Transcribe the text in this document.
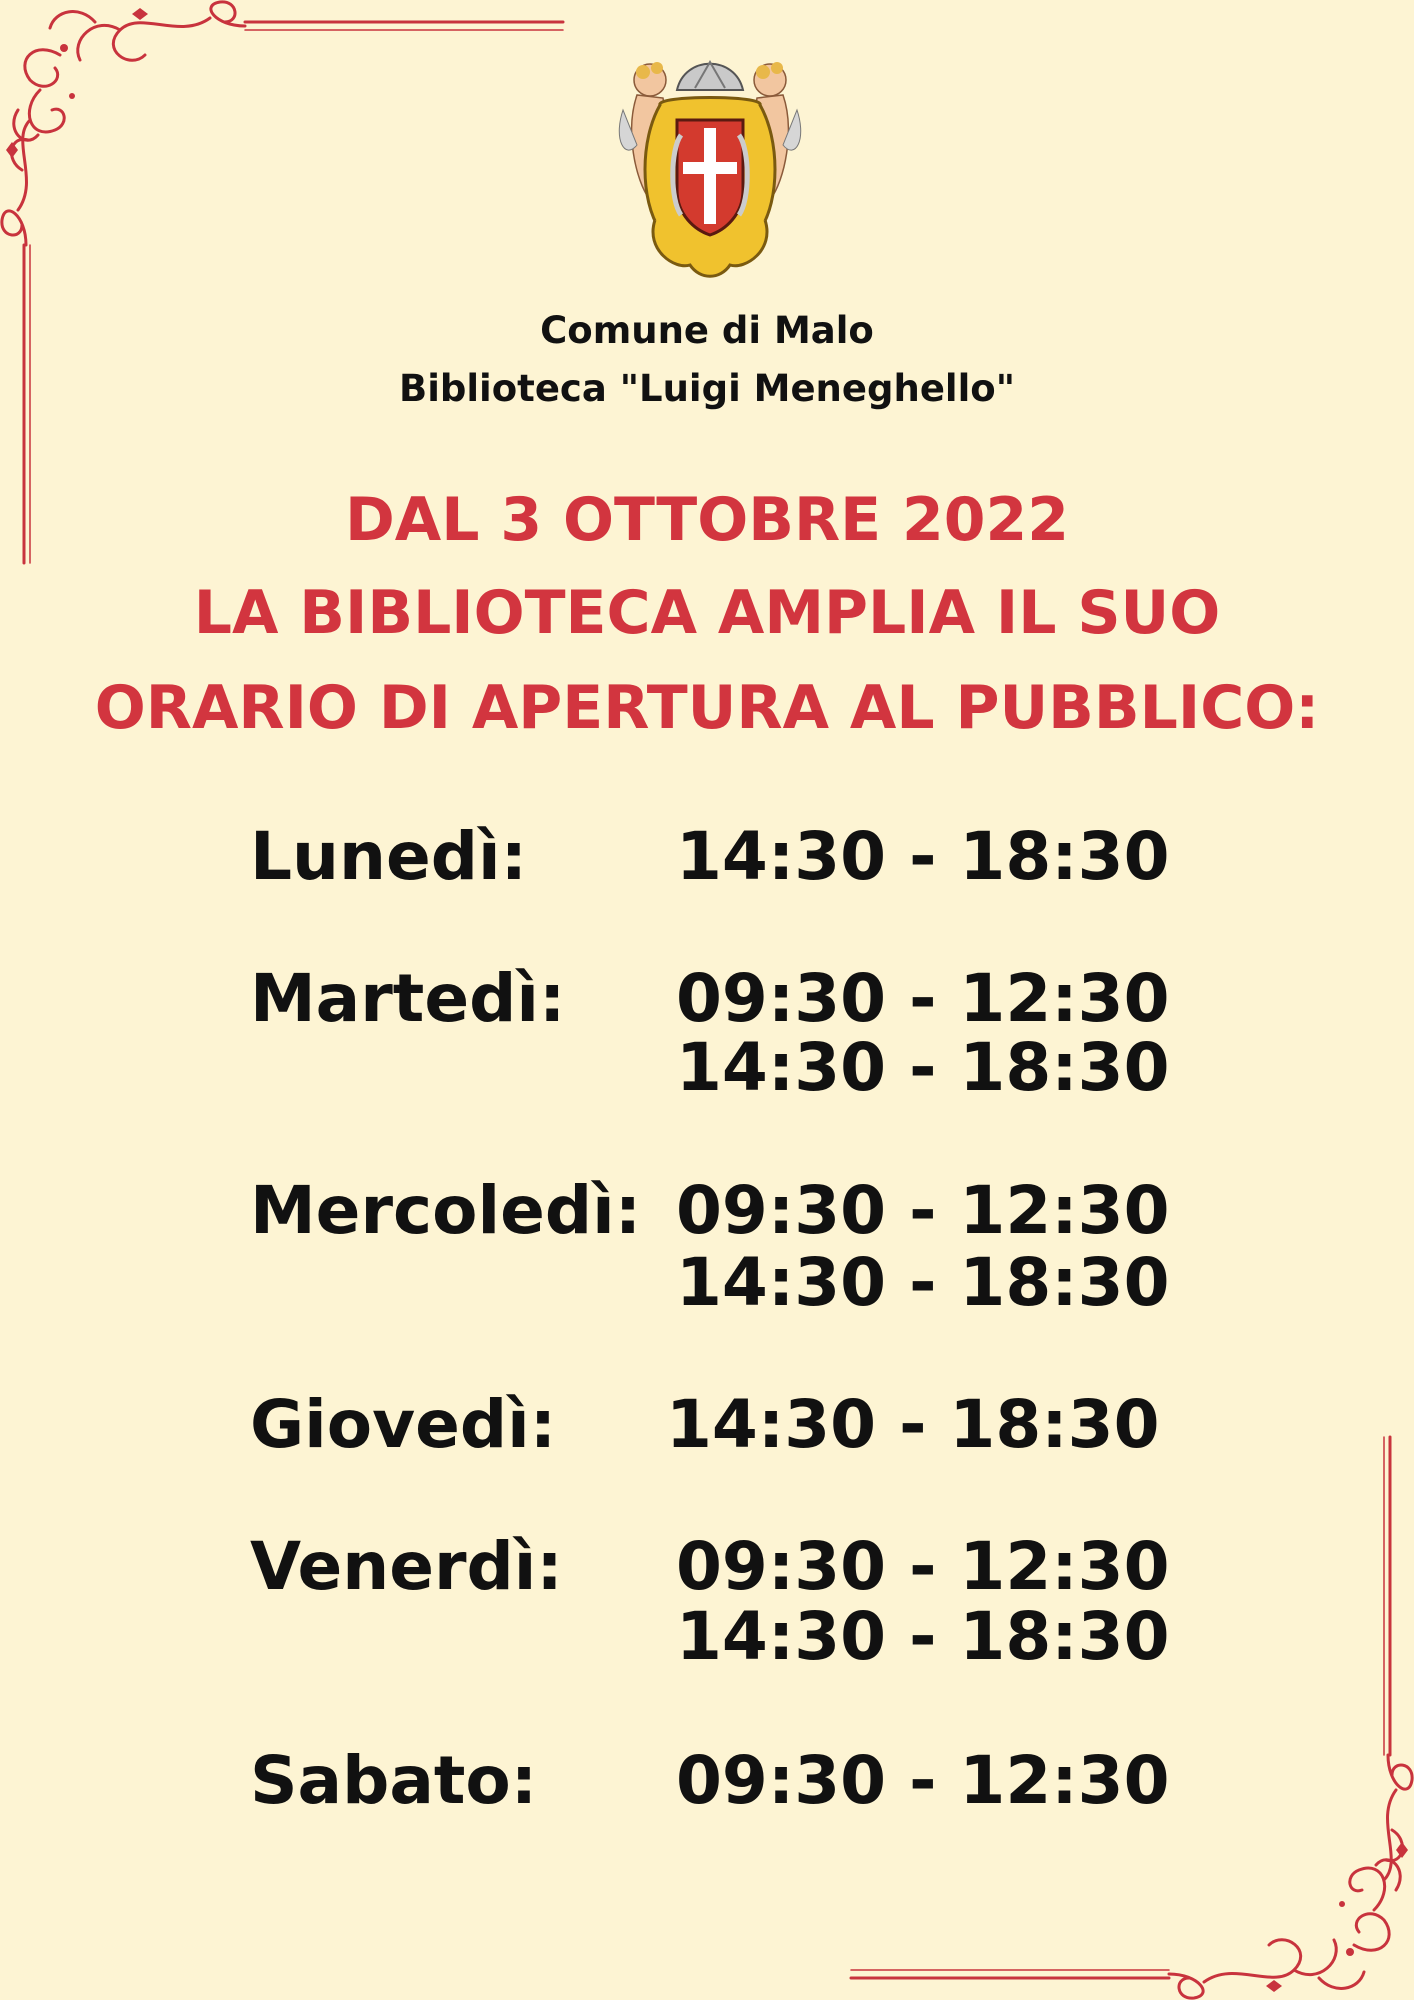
Comune di Malo
Biblioteca "Luigi Meneghello"
DAL 3 OTTOBRE 2022
LA BIBLIOTECA AMPLIA IL SUO
ORARIO DI APERTURA AL PUBBLICO:
Lunedì: 14:30 - 18:30
Martedì: 09:30 - 12:30
14:30 - 18:30
Mercoledì: 09:30 - 12:30
14:30 - 18:30
Giovedì: 14:30 - 18:30
Venerdì: 09:30 - 12:30
14:30 - 18:30
Sabato: 09:30 - 12:30
